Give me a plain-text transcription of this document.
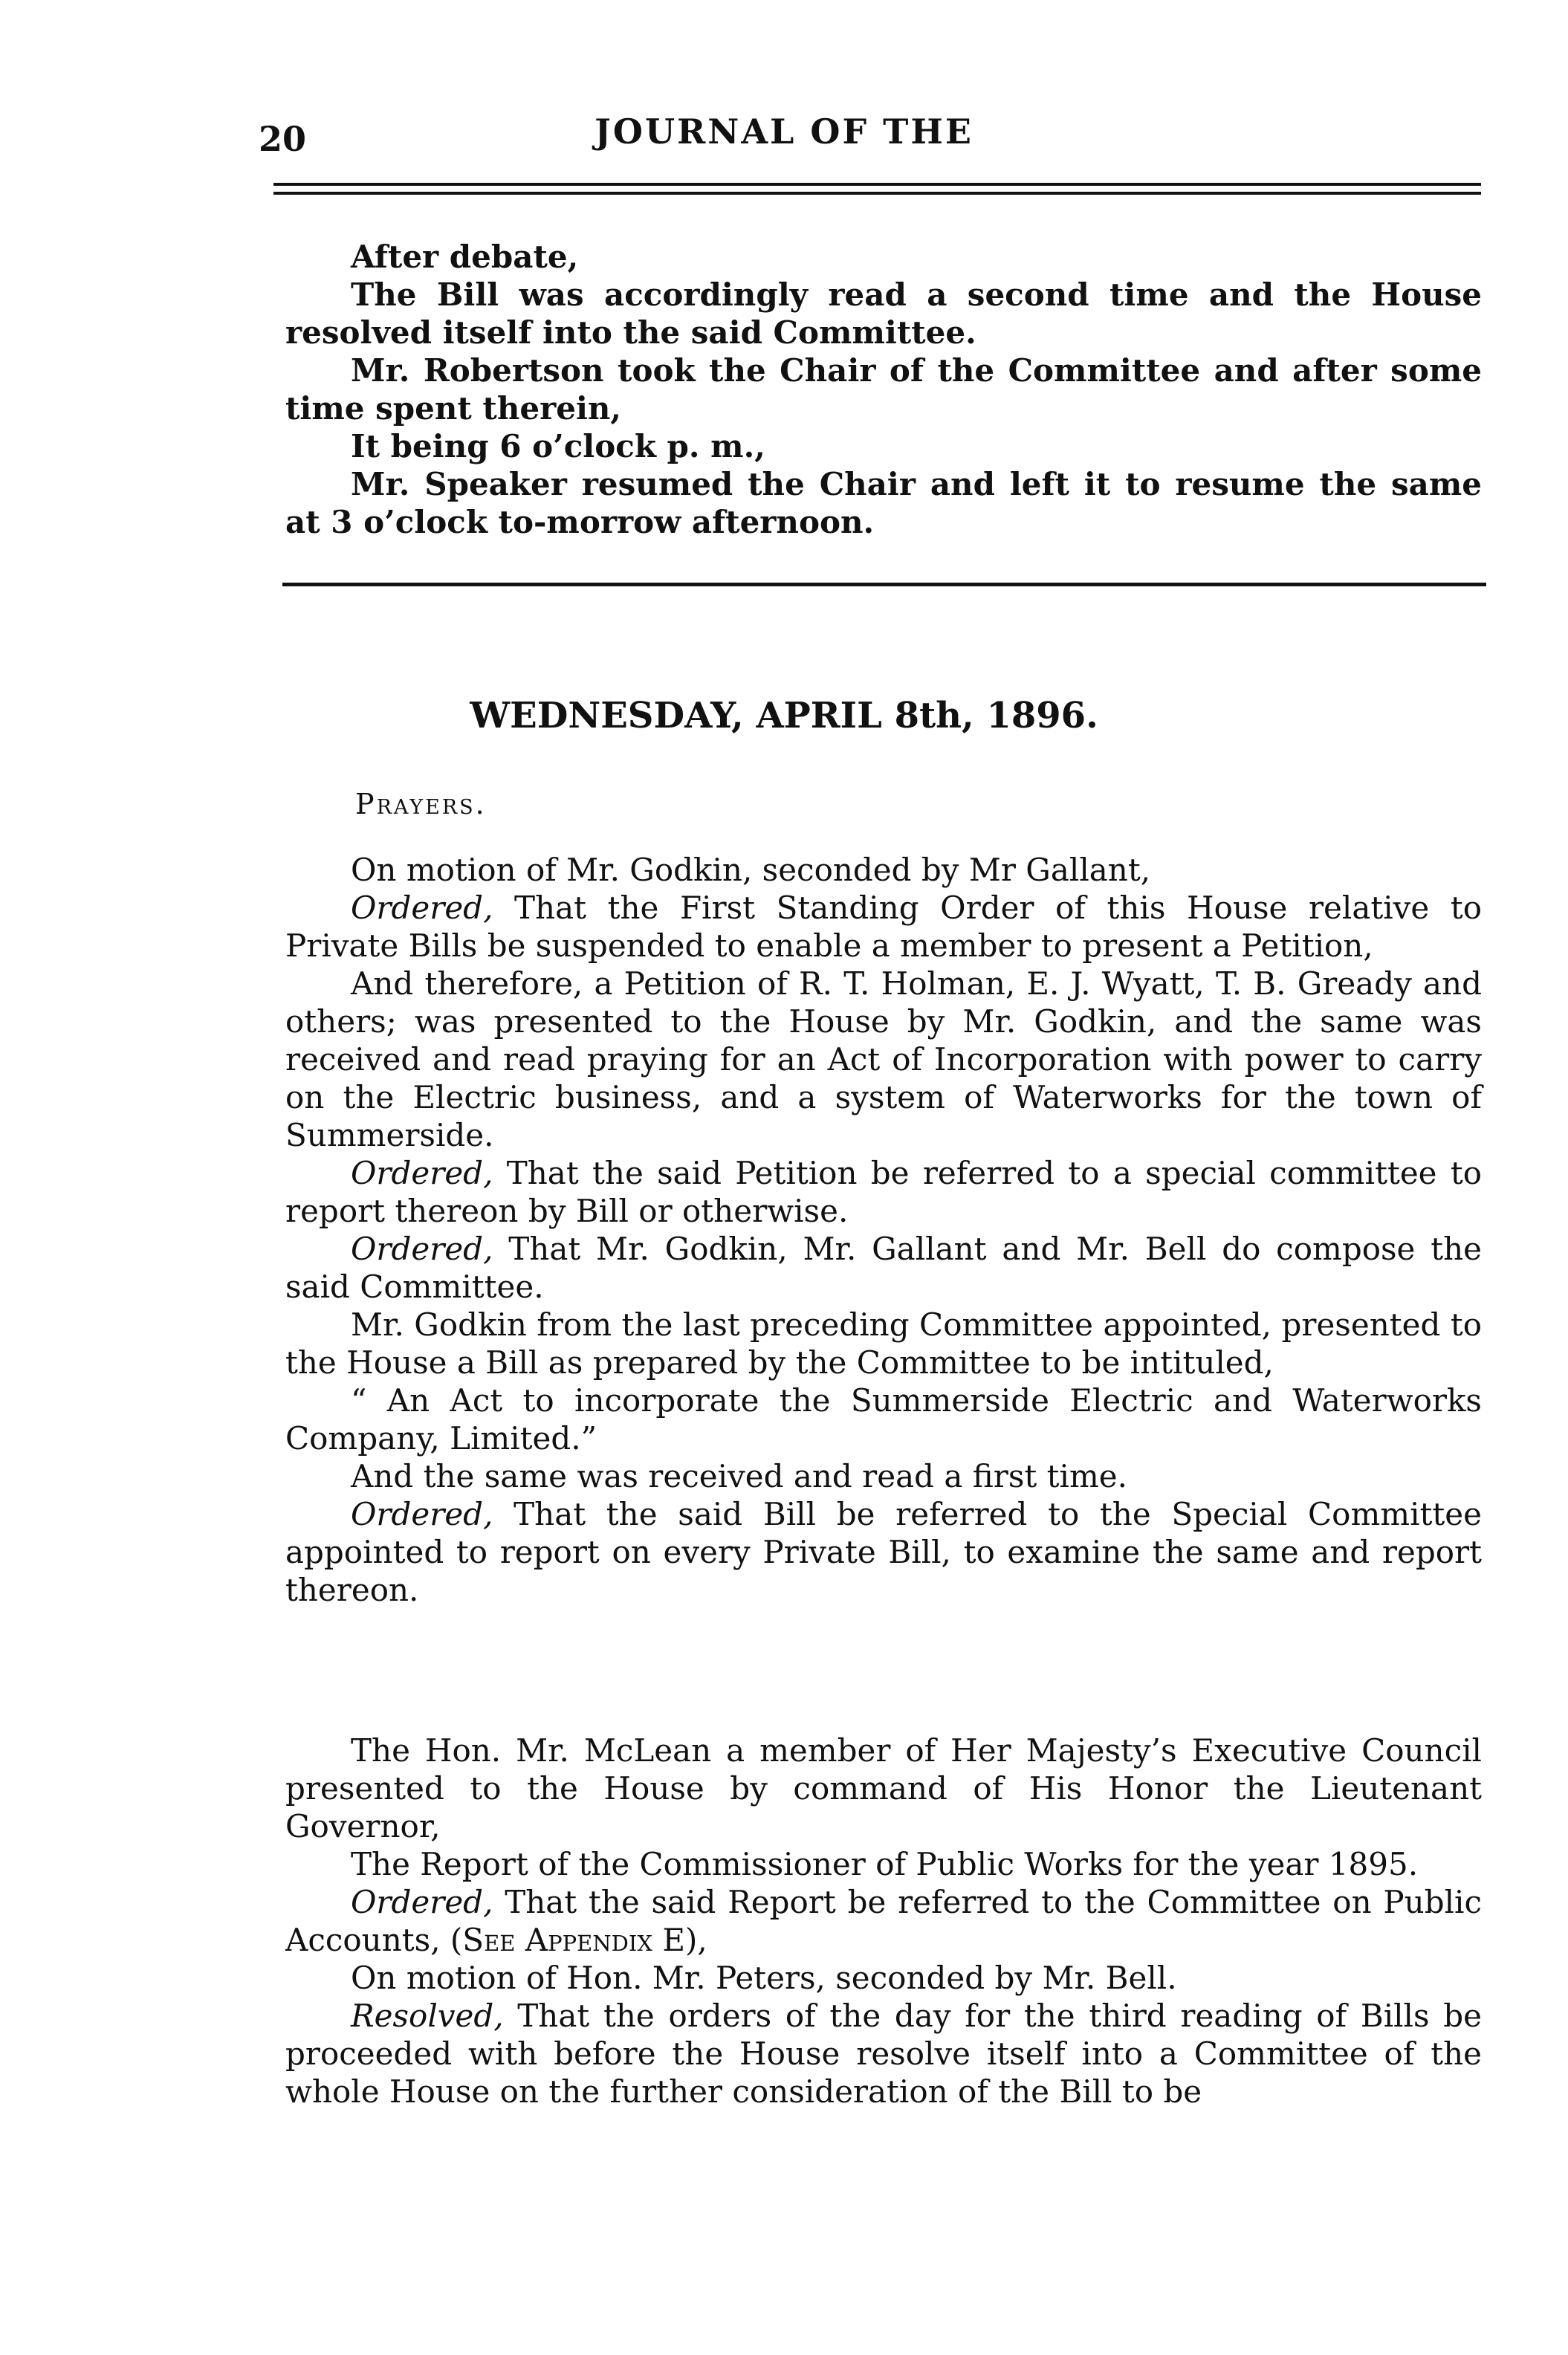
20	JOURNAL OF THE

After debate,

The Bill was accordingly read a second time and the House resolved itself into the said Committee.

Mr. Robertson took the Chair of the Committee and after some time spent therein,

It being 6 o’clock p. m.,

Mr. Speaker resumed the Chair and left it to resume the same at 3 o’clock to-morrow afternoon.

WEDNESDAY, APRIL 8th, 1896.
Prayers.

On motion of Mr. Godkin, seconded by Mr Gallant,

Ordered, That the First Standing Order of this House relative to Private Bills be suspended to enable a member to present a Petition,

And therefore, a Petition of R. T. Holman, E. J. Wyatt, T. B. Gready and others; was presented to the House by Mr. Godkin, and the same was received and read praying for an Act of Incorporation with power to carry on the Electric business, and a system of Waterworks for the town of Summerside.

Ordered, That the said Petition be referred to a special committee to report thereon by Bill or otherwise.

Ordered, That Mr. Godkin, Mr. Gallant and Mr. Bell do compose the said Committee.

Mr. Godkin from the last preceding Committee appointed, presented to the House a Bill as prepared by the Committee to be intituled,

“ An Act to incorporate the Summerside Electric and Waterworks Company, Limited.”

And the same was received and read a first time.

Ordered, That the said Bill be referred to the Special Committee appointed to report on every Private Bill, to examine the same and report thereon.

The Hon. Mr. McLean a member of Her Majesty’s Executive Council presented to the House by command of His Honor the Lieutenant Governor,

The Report of the Commissioner of Public Works for the year 1895.

Ordered, That the said Report be referred to the Committee on Public Accounts, (See Appendix E),

On motion of Hon. Mr. Peters, seconded by Mr. Bell.

Resolved, That the orders of the day for the third reading of Bills be proceeded with before the House resolve itself into a Committee of the whole House on the further consideration of the Bill to be
